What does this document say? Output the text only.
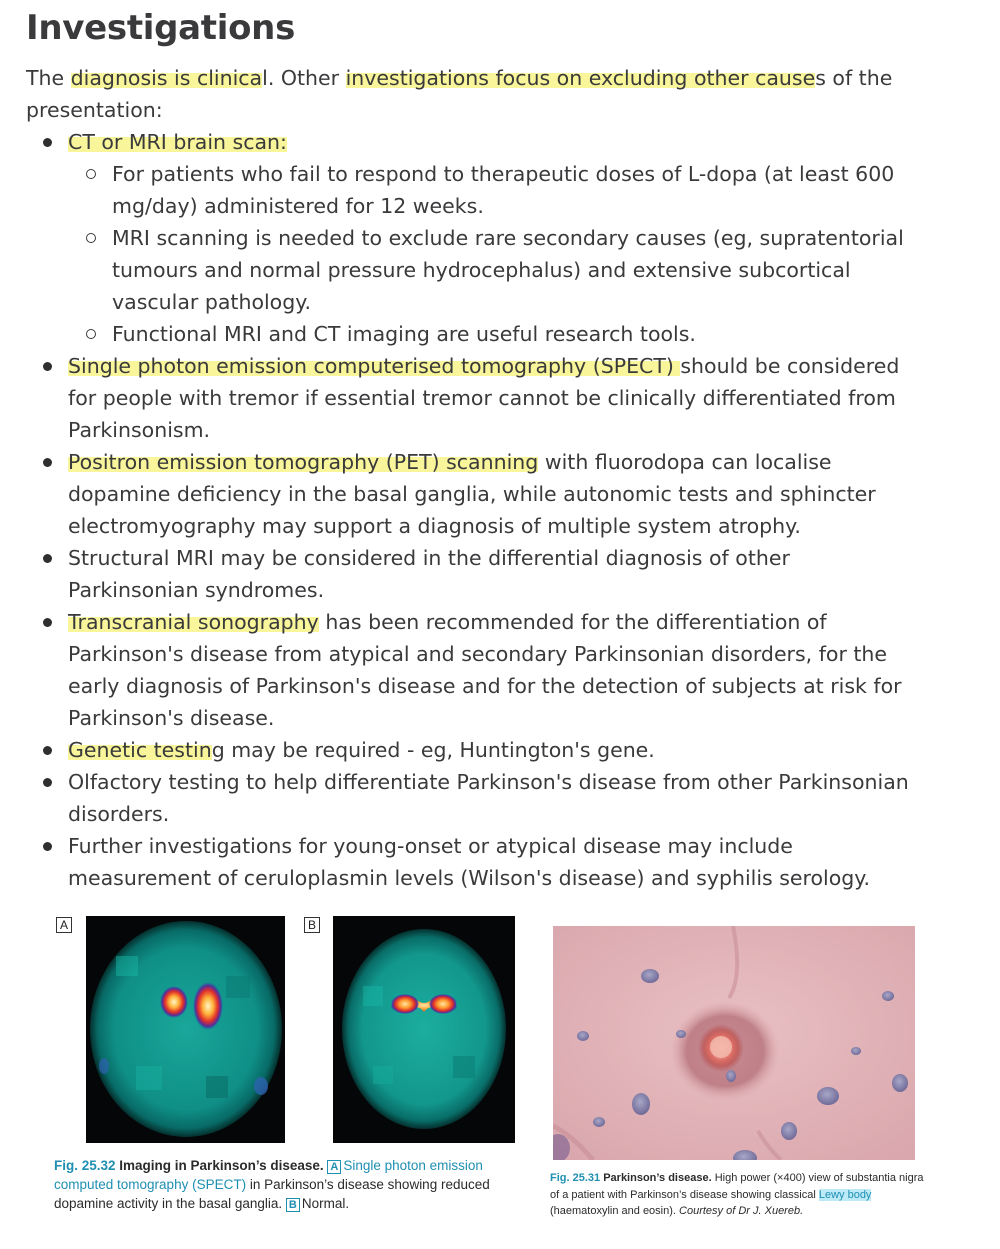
Investigations

The diagnosis is clinical. Other investigations focus on excluding other causes of the presentation:

CT or MRI brain scan:
For patients who fail to respond to therapeutic doses of L-dopa (at least 600 mg/day) administered for 12 weeks.
MRI scanning is needed to exclude rare secondary causes (eg, supratentorial tumours and normal pressure hydrocephalus) and extensive subcortical vascular pathology.
Functional MRI and CT imaging are useful research tools.
Single photon emission computerised tomography (SPECT) should be considered for people with tremor if essential tremor cannot be clinically differentiated from Parkinsonism.
Positron emission tomography (PET) scanning with fluorodopa can localise dopamine deficiency in the basal ganglia, while autonomic tests and sphincter electromyography may support a diagnosis of multiple system atrophy.
Structural MRI may be considered in the differential diagnosis of other Parkinsonian syndromes.
Transcranial sonography has been recommended for the differentiation of Parkinson's disease from atypical and secondary Parkinsonian disorders, for the early diagnosis of Parkinson's disease and for the detection of subjects at risk for Parkinson's disease.
Genetic testing may be required - eg, Huntington's gene.
Olfactory testing to help differentiate Parkinson's disease from other Parkinsonian disorders.
Further investigations for young-onset or atypical disease may include measurement of ceruloplasmin levels (Wilson's disease) and syphilis serology.
A	B
Fig. 25.32 Imaging in Parkinson’s disease. A Single photon emission computed tomography (SPECT) in Parkinson’s disease showing reduced dopamine activity in the basal ganglia. B Normal.
Fig. 25.31 Parkinson’s disease. High power (×400) view of substantia nigra of a patient with Parkinson’s disease showing classical Lewy body (haematoxylin and eosin). Courtesy of Dr J. Xuereb.
